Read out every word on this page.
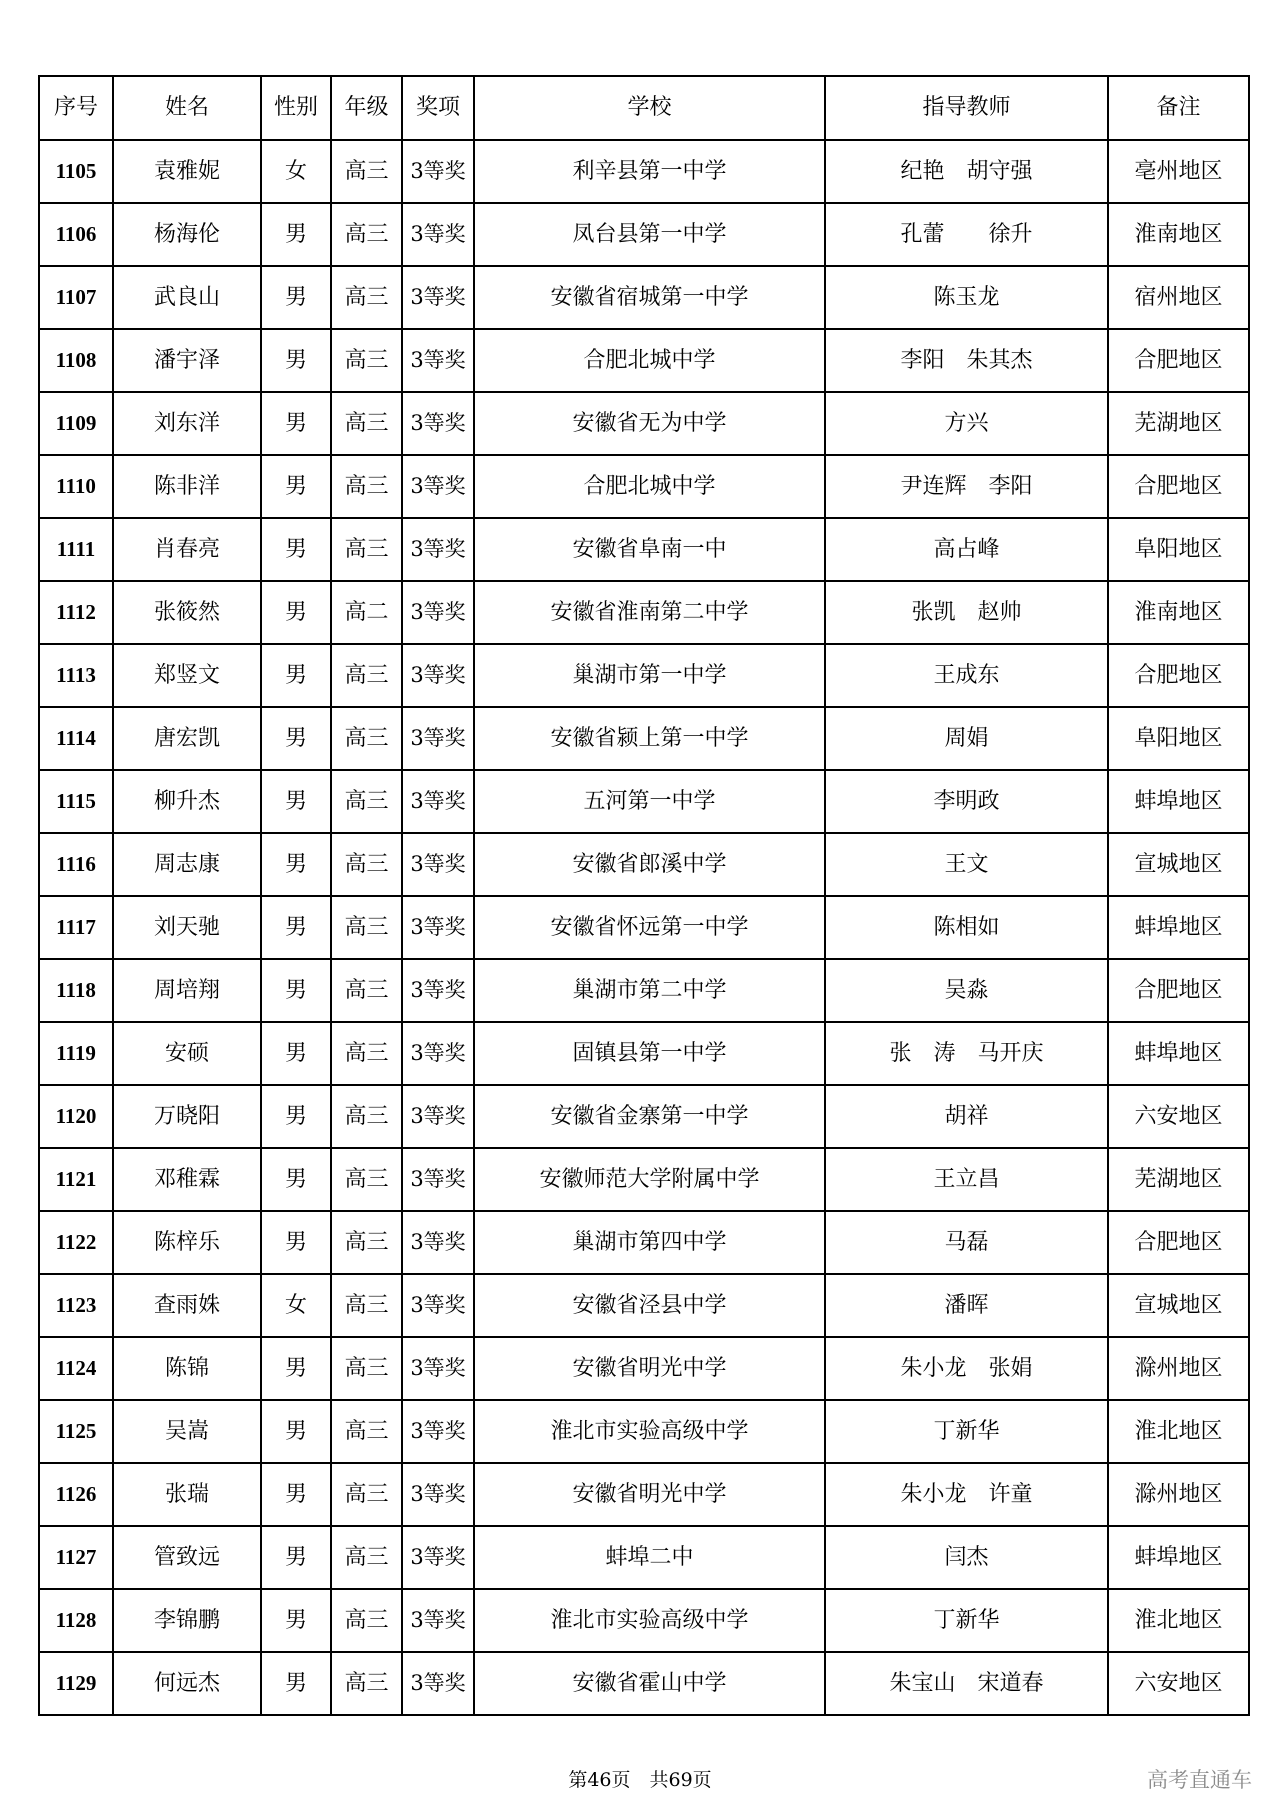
序号	姓名	性别	年级	奖项	学校	指导教师	备注
1105	袁雅妮	女	高三	3等奖	利辛县第一中学	纪艳　胡守强	亳州地区
1106	杨海伦	男	高三	3等奖	凤台县第一中学	孔蕾　　徐升	淮南地区
1107	武良山	男	高三	3等奖	安徽省宿城第一中学	陈玉龙	宿州地区
1108	潘宇泽	男	高三	3等奖	合肥北城中学	李阳　朱其杰	合肥地区
1109	刘东洋	男	高三	3等奖	安徽省无为中学	方兴	芜湖地区
1110	陈非洋	男	高三	3等奖	合肥北城中学	尹连辉　李阳	合肥地区
1111	肖春亮	男	高三	3等奖	安徽省阜南一中	高占峰	阜阳地区
1112	张筱然	男	高二	3等奖	安徽省淮南第二中学	张凯　赵帅	淮南地区
1113	郑竖文	男	高三	3等奖	巢湖市第一中学	王成东	合肥地区
1114	唐宏凯	男	高三	3等奖	安徽省颍上第一中学	周娟	阜阳地区
1115	柳升杰	男	高三	3等奖	五河第一中学	李明政	蚌埠地区
1116	周志康	男	高三	3等奖	安徽省郎溪中学	王文	宣城地区
1117	刘天驰	男	高三	3等奖	安徽省怀远第一中学	陈相如	蚌埠地区
1118	周培翔	男	高三	3等奖	巢湖市第二中学	吴淼	合肥地区
1119	安硕	男	高三	3等奖	固镇县第一中学	张　涛　马开庆	蚌埠地区
1120	万晓阳	男	高三	3等奖	安徽省金寨第一中学	胡祥	六安地区
1121	邓稚霖	男	高三	3等奖	安徽师范大学附属中学	王立昌	芜湖地区
1122	陈梓乐	男	高三	3等奖	巢湖市第四中学	马磊	合肥地区
1123	查雨姝	女	高三	3等奖	安徽省泾县中学	潘晖	宣城地区
1124	陈锦	男	高三	3等奖	安徽省明光中学	朱小龙　张娟	滁州地区
1125	吴嵩	男	高三	3等奖	淮北市实验高级中学	丁新华	淮北地区
1126	张瑞	男	高三	3等奖	安徽省明光中学	朱小龙　许童	滁州地区
1127	管致远	男	高三	3等奖	蚌埠二中	闫杰	蚌埠地区
1128	李锦鹏	男	高三	3等奖	淮北市实验高级中学	丁新华	淮北地区
1129	何远杰	男	高三	3等奖	安徽省霍山中学	朱宝山　宋道春	六安地区
第46页　共69页	高考直通车
